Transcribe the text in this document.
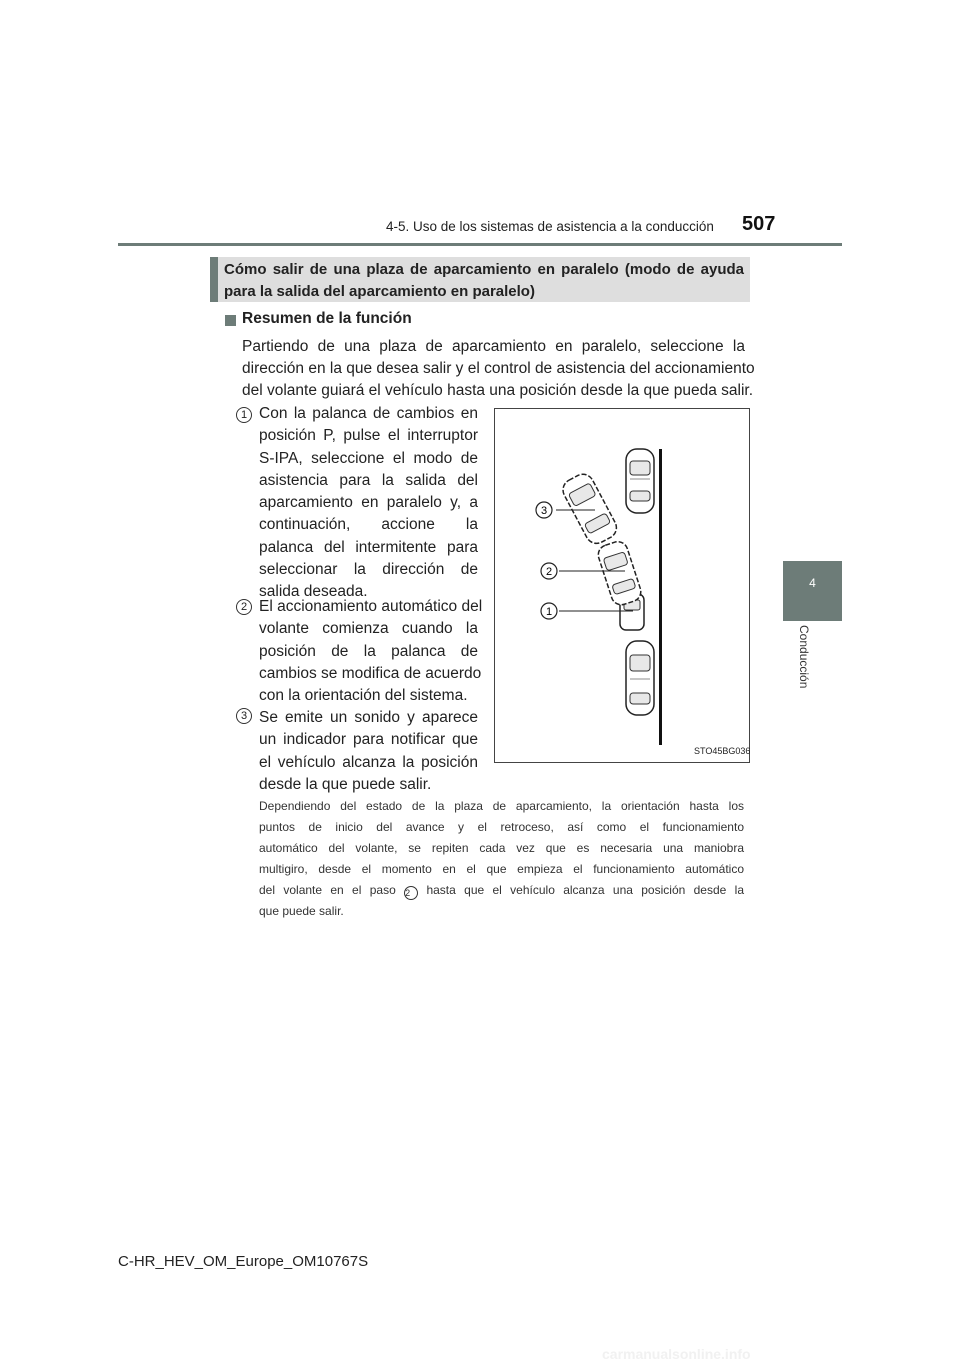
4-5. Uso de los sistemas de asistencia a la conducción 507
4
Conducción
Cómo salir de una plaza de aparcamiento en paralelo (modo de ayuda
para la salida del aparcamiento en paralelo)
Resumen de la función
Partiendo de una plaza de aparcamiento en paralelo, seleccione la
dirección en la que desea salir y el control de asistencia del accionamiento
del volante guiará el vehículo hasta una posición desde la que pueda salir.
1 Con la palanca de cambios en
posición P, pulse el interruptor
S-IPA, seleccione el modo de
asistencia para la salida del
aparcamiento en paralelo y, a
continuación, accione la
palanca del intermitente para
seleccionar la dirección de
salida deseada.
2 El accionamiento automático del
volante comienza cuando la
posición de la palanca de
cambios se modifica de acuerdo
con la orientación del sistema.
3 Se emite un sonido y aparece
un indicador para notificar que
el vehículo alcanza la posición
desde la que puede salir.
3
2
1
STO45BG036
Dependiendo del estado de la plaza de aparcamiento, la orientación hasta los
puntos de inicio del avance y el retroceso, así como el funcionamiento
automático del volante, se repiten cada vez que es necesaria una maniobra
multigiro, desde el momento en el que empieza el funcionamiento automático
del volante en el paso 2 hasta que el vehículo alcanza una posición desde la
que puede salir.
C-HR_HEV_OM_Europe_OM10767S
carmanualsonline.info
